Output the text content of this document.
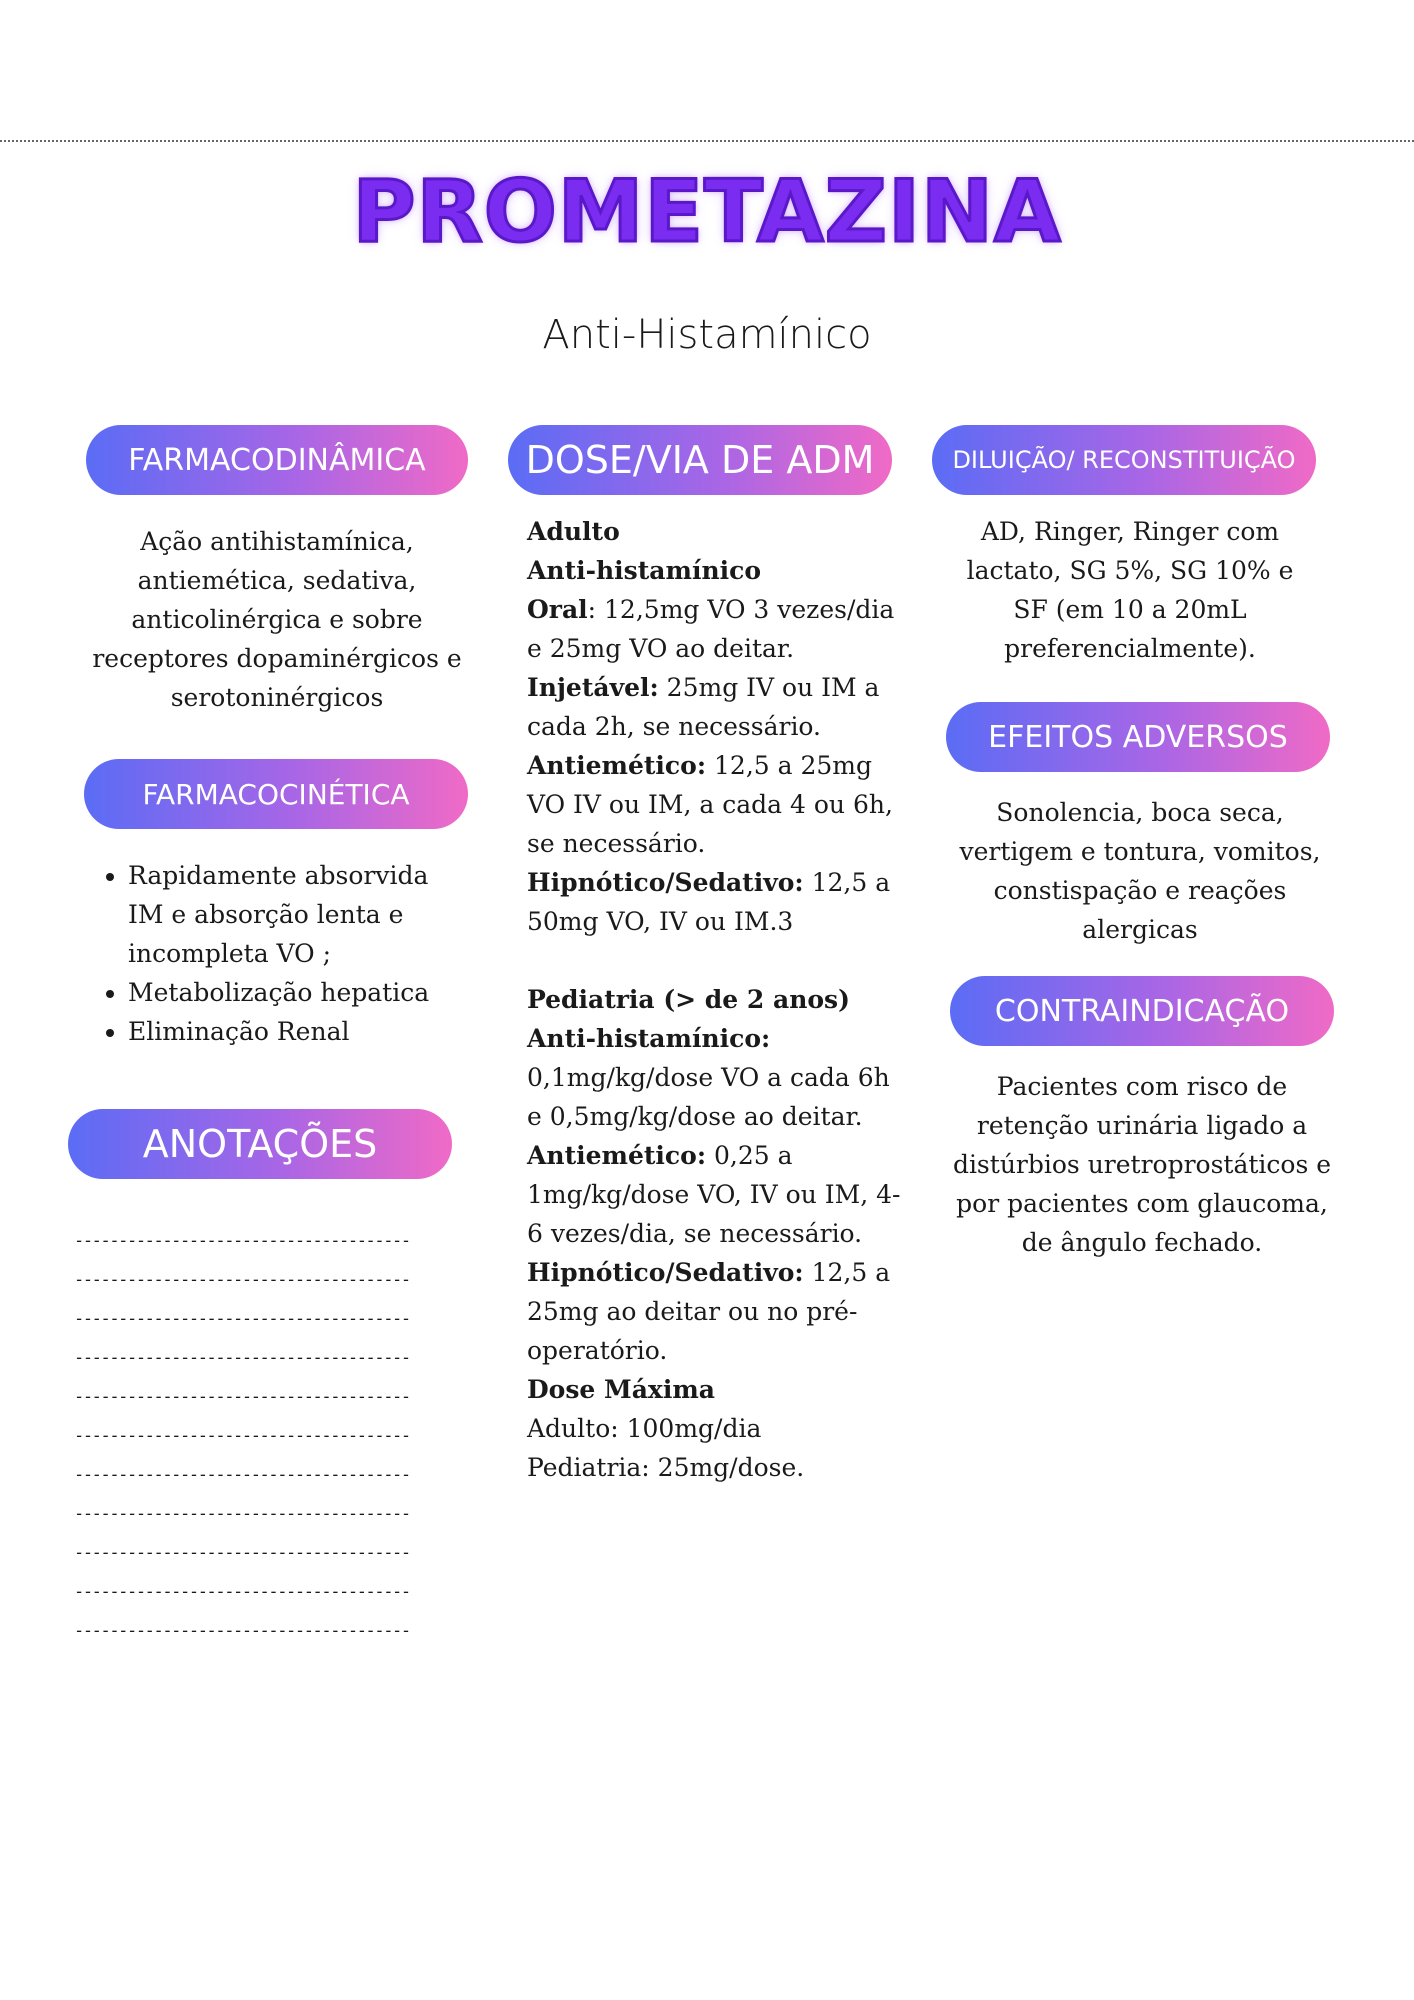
PROMETAZINA
Anti-Histamínico
FARMACODINÂMICA
Ação antihistamínica, antiemética, sedativa, anticolinérgica e sobre receptores dopaminérgicos e serotoninérgicos
FARMACOCINÉTICA
• Rapidamente absorvida IM e absorção lenta e incompleta VO ;
• Metabolização hepatica
• Eliminação Renal
ANOTAÇÕES
--------------------------------------
--------------------------------------
--------------------------------------
--------------------------------------
--------------------------------------
--------------------------------------
--------------------------------------
--------------------------------------
--------------------------------------
--------------------------------------
--------------------------------------
DOSE/VIA DE ADM
Adulto
Anti-histamínico
Oral: 12,5mg VO 3 vezes/dia e 25mg VO ao deitar.
Injetável: 25mg IV ou IM a cada 2h, se necessário.
Antiemético: 12,5 a 25mg VO IV ou IM, a cada 4 ou 6h, se necessário.
Hipnótico/Sedativo: 12,5 a 50mg VO, IV ou IM.3
Pediatria (> de 2 anos)
Anti-histamínico:
0,1mg/kg/dose VO a cada 6h e 0,5mg/kg/dose ao deitar.
Antiemético: 0,25 a 1mg/kg/dose VO, IV ou IM, 4-6 vezes/dia, se necessário.
Hipnótico/Sedativo: 12,5 a 25mg ao deitar ou no pré-operatório.
Dose Máxima
Adulto: 100mg/dia
Pediatria: 25mg/dose.
DILUIÇÃO/ RECONSTITUIÇÃO
AD, Ringer, Ringer com lactato, SG 5%, SG 10% e SF (em 10 a 20mL preferencialmente).
EFEITOS ADVERSOS
Sonolencia, boca seca, vertigem e tontura, vomitos, constispação e reações alergicas
CONTRAINDICAÇÃO
Pacientes com risco de retenção urinária ligado a distúrbios uretroprostáticos e por pacientes com glaucoma, de ângulo fechado.
